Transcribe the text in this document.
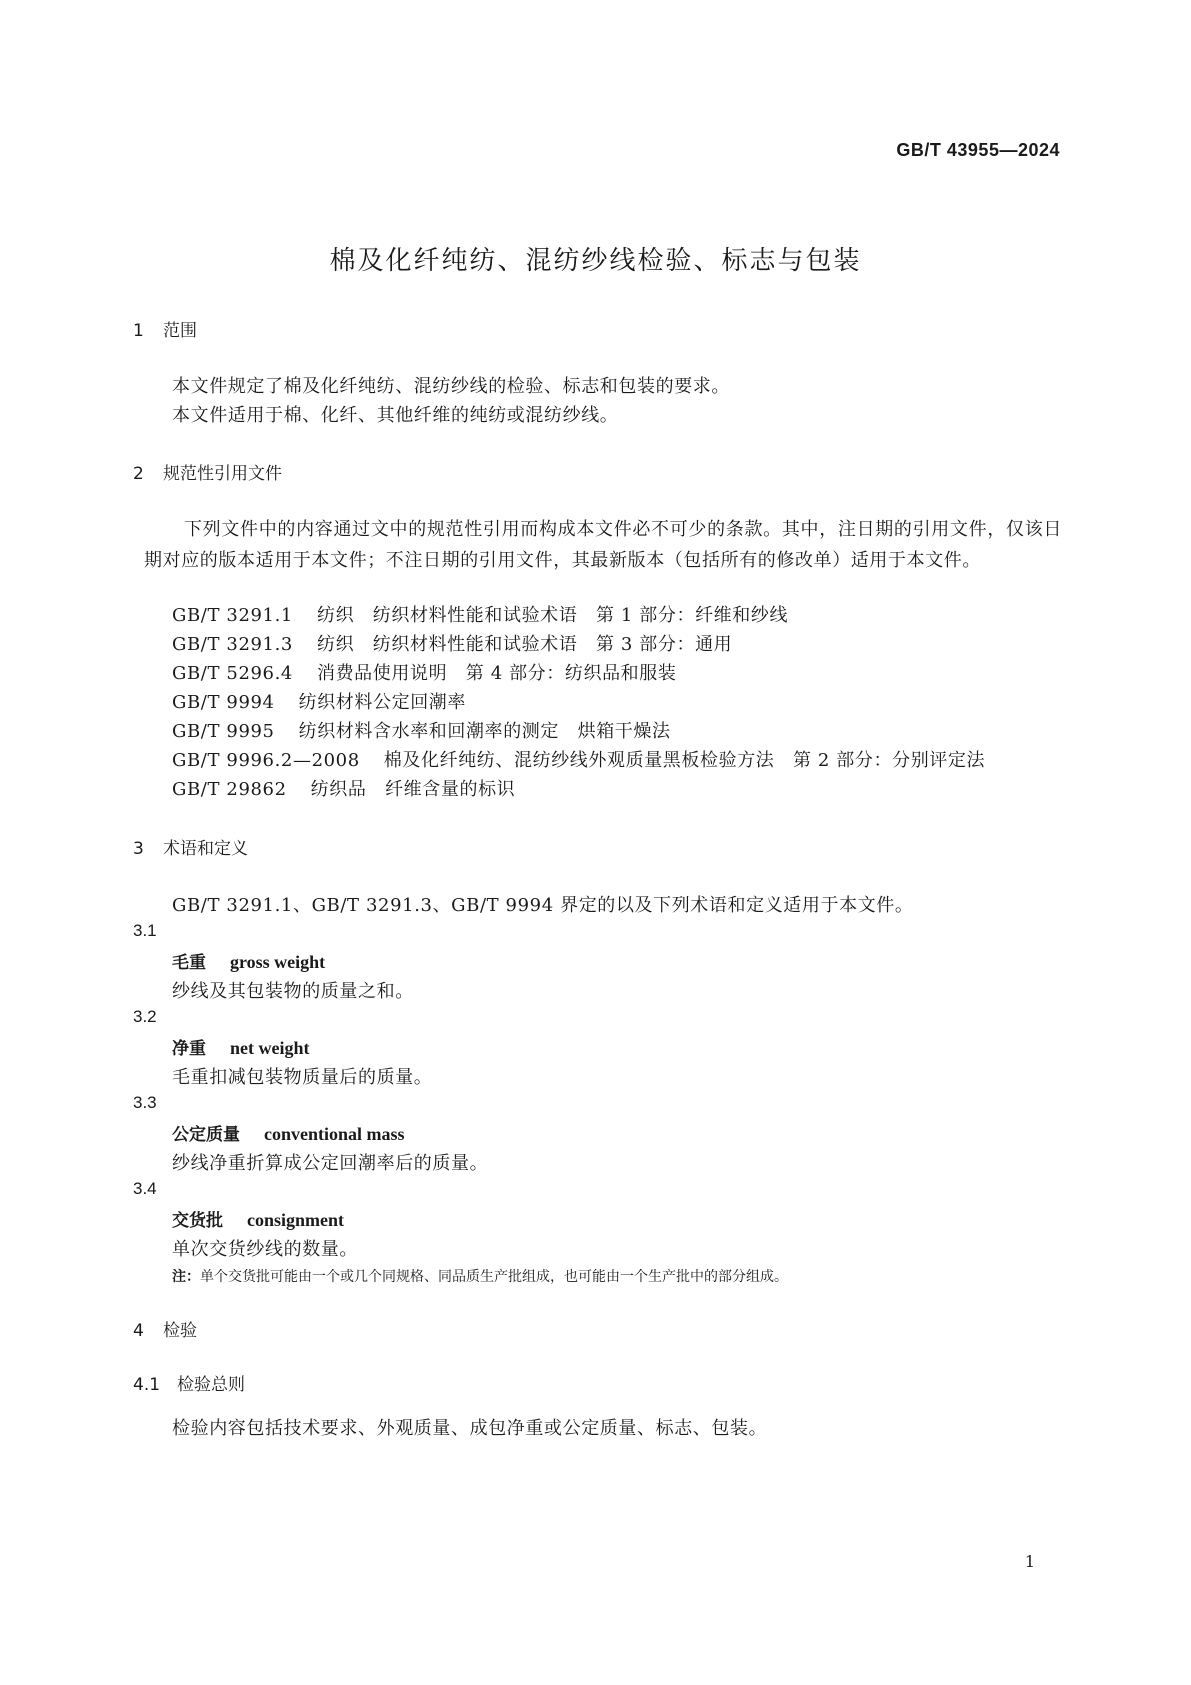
GB/T 43955—2024
棉及化纤纯纺、混纺纱线检验、标志与包装
1 范围
本文件规定了棉及化纤纯纺、混纺纱线的检验、标志和包装的要求。
本文件适用于棉、化纤、其他纤维的纯纺或混纺纱线。
2 规范性引用文件
下列文件中的内容通过文中的规范性引用而构成本文件必不可少的条款。其中，注日期的引用文件，仅该日期对应的版本适用于本文件；不注日期的引用文件，其最新版本（包括所有的修改单）适用于本文件。
GB/T 3291.1 纺织　纺织材料性能和试验术语　第 1 部分：纤维和纱线
GB/T 3291.3 纺织　纺织材料性能和试验术语　第 3 部分：通用
GB/T 5296.4 消费品使用说明　第 4 部分：纺织品和服装
GB/T 9994 纺织材料公定回潮率
GB/T 9995 纺织材料含水率和回潮率的测定　烘箱干燥法
GB/T 9996.2—2008 棉及化纤纯纺、混纺纱线外观质量黑板检验方法　第 2 部分：分别评定法
GB/T 29862 纺织品　纤维含量的标识
3 术语和定义
GB/T 3291.1、GB/T 3291.3、GB/T 9994 界定的以及下列术语和定义适用于本文件。
3.1
毛重 gross weight
纱线及其包装物的质量之和。
3.2
净重 net weight
毛重扣减包装物质量后的质量。
3.3
公定质量 conventional mass
纱线净重折算成公定回潮率后的质量。
3.4
交货批 consignment
单次交货纱线的数量。
注：单个交货批可能由一个或几个同规格、同品质生产批组成，也可能由一个生产批中的部分组成。
4 检验
4.1 检验总则
检验内容包括技术要求、外观质量、成包净重或公定质量、标志、包装。
1
